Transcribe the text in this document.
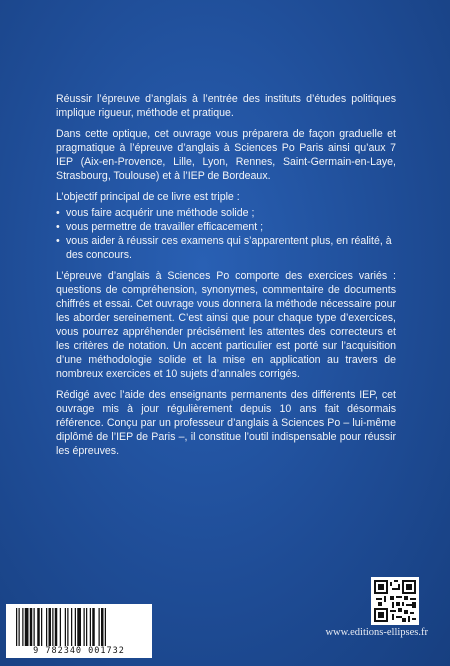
Réussir l’épreuve d’anglais à l’entrée des instituts d’études politiques implique rigueur, méthode et pratique.

Dans cette optique, cet ouvrage vous préparera de façon graduelle et pragmatique à l’épreuve d’anglais à Sciences Po Paris ainsi qu’aux 7 IEP (Aix-en-Provence, Lille, Lyon, Rennes, Saint-Germain-en-Laye, Strasbourg, Toulouse) et à l’IEP de Bordeaux.

L’objectif principal de ce livre est triple :

• vous faire acquérir une méthode solide ;
• vous permettre de travailler efficacement ;
• vous aider à réussir ces examens qui s’apparentent plus, en réalité, à des concours.

L’épreuve d’anglais à Sciences Po comporte des exercices variés : questions de compréhension, synonymes, commentaire de documents chiffrés et essai. Cet ouvrage vous donnera la méthode nécessaire pour les aborder sereinement. C’est ainsi que pour chaque type d’exercices, vous pourrez appréhender précisément les attentes des correcteurs et les critères de notation. Un accent particulier est porté sur l’acquisition d’une méthodologie solide et la mise en application au travers de nombreux exercices et 10 sujets d’annales corrigés.

Rédigé avec l’aide des enseignants permanents des différents IEP, cet ouvrage mis à jour régulièrement depuis 10 ans fait désormais référence. Conçu par un professeur d’anglais à Sciences Po – lui-même diplômé de l’IEP de Paris –, il constitue l’outil indispensable pour réussir les épreuves.

9 782340 001732
www.editions-ellipses.fr
